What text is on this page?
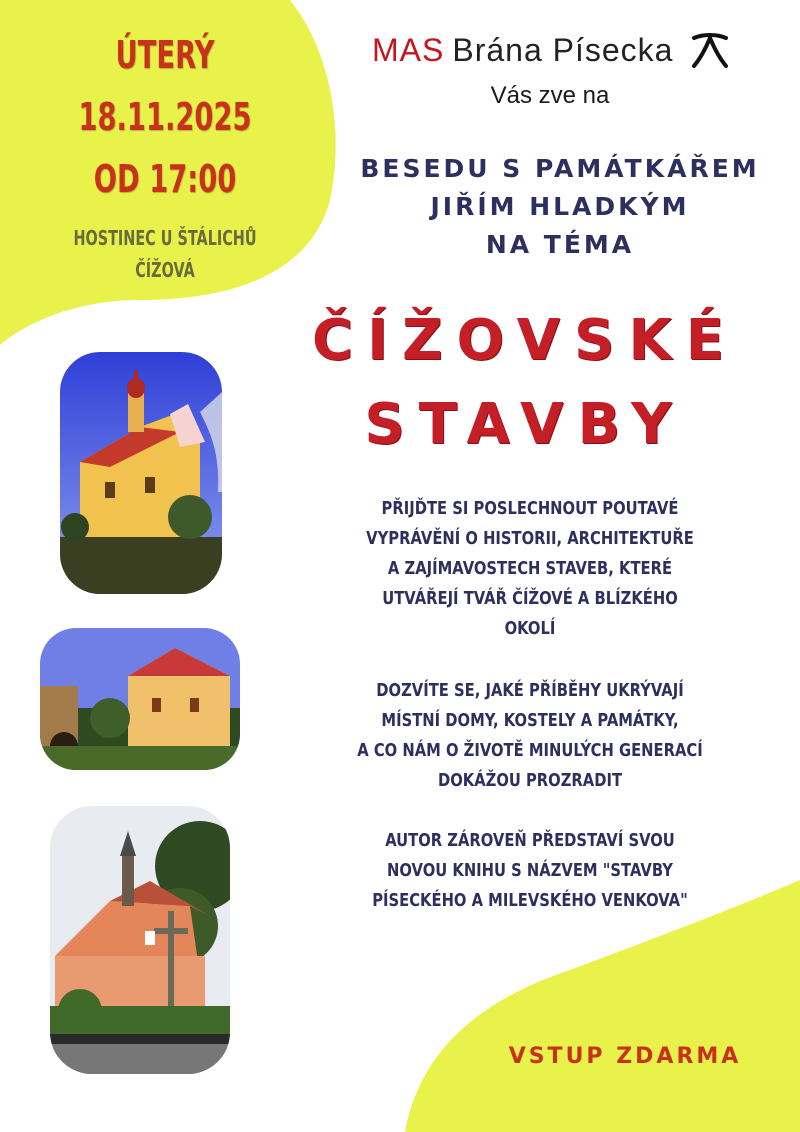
ÚTERÝ
18.11.2025
OD 17:00
HOSTINEC U ŠTÁLICHŮ
ČÍŽOVÁ
MAS Brána Písecka
Vás zve na
BESEDU S PAMÁTKÁŘEM
JIŘÍM HLADKÝM
NA TÉMA
ČÍŽOVSKÉ
STAVBY
PŘIJĎTE SI POSLECHNOUT POUTAVÉ
VYPRÁVĚNÍ O HISTORII, ARCHITEKTUŘE
A ZAJÍMAVOSTECH STAVEB, KTERÉ
UTVÁŘEJÍ TVÁŘ ČÍŽOVÉ A BLÍZKÉHO
OKOLÍ
DOZVÍTE SE, JAKÉ PŘÍBĚHY UKRÝVAJÍ
MÍSTNÍ DOMY, KOSTELY A PAMÁTKY,
A CO NÁM O ŽIVOTĚ MINULÝCH GENERACÍ
DOKÁŽOU PROZRADIT
AUTOR ZÁROVEŇ PŘEDSTAVÍ SVOU
NOVOU KNIHU S NÁZVEM "STAVBY
PÍSECKÉHO A MILEVSKÉHO VENKOVA"
VSTUP ZDARMA
